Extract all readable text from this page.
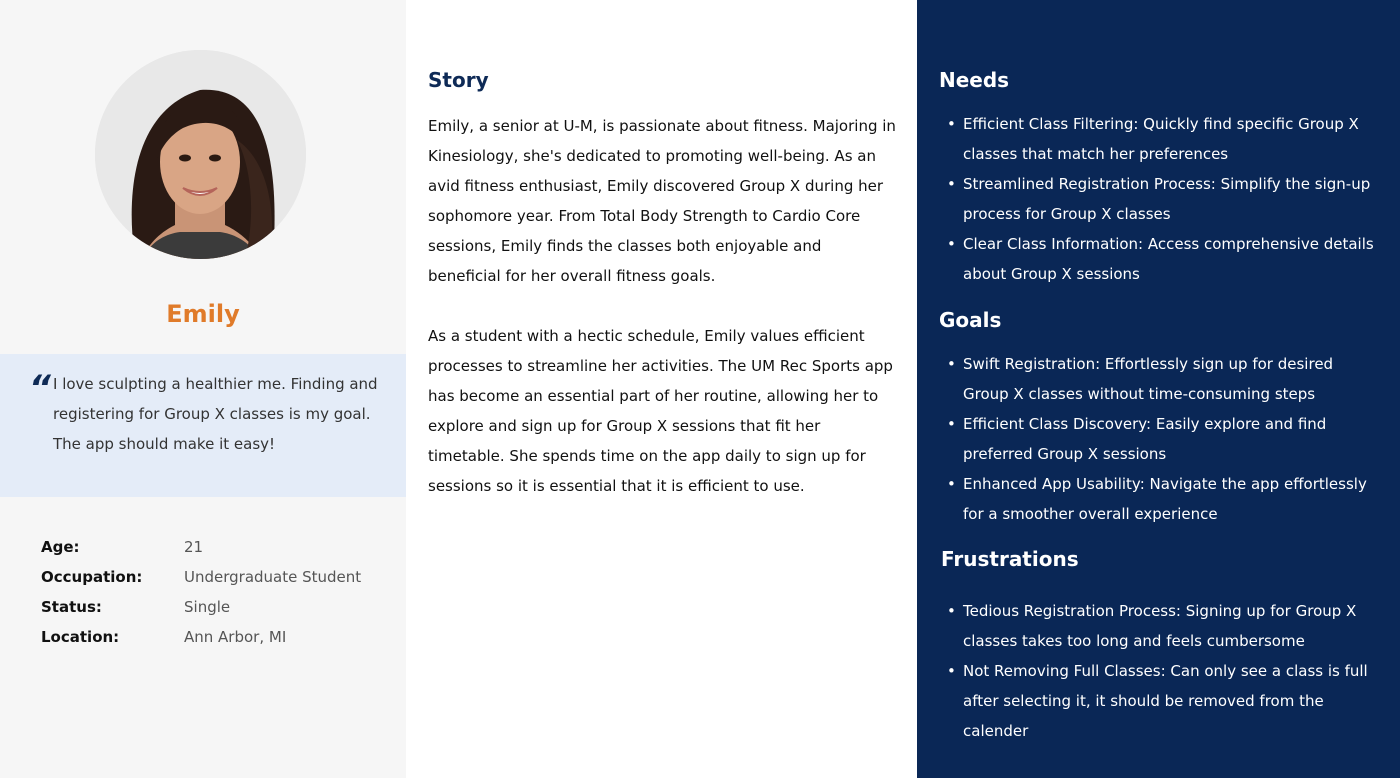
Emily
“ I love sculpting a healthier me. Finding and registering for Group X classes is my goal. The app should make it easy!
Age:	21
Occupation:	Undergraduate Student
Status:	Single
Location:	Ann Arbor, MI
Story
Emily, a senior at U-M, is passionate about fitness. Majoring in Kinesiology, she's dedicated to promoting well-being. As an avid fitness enthusiast, Emily discovered Group X during her sophomore year. From Total Body Strength to Cardio Core sessions, Emily finds the classes both enjoyable and beneficial for her overall fitness goals.
As a student with a hectic schedule, Emily values efficient processes to streamline her activities. The UM Rec Sports app has become an essential part of her routine, allowing her to explore and sign up for Group X sessions that fit her timetable. She spends time on the app daily to sign up for sessions so it is essential that it is efficient to use.
Needs
• Efficient Class Filtering: Quickly find specific Group X classes that match her preferences
• Streamlined Registration Process: Simplify the sign-up process for Group X classes
• Clear Class Information: Access comprehensive details about Group X sessions
Goals
• Swift Registration: Effortlessly sign up for desired Group X classes without time-consuming steps
• Efficient Class Discovery: Easily explore and find preferred Group X sessions
• Enhanced App Usability: Navigate the app effortlessly for a smoother overall experience
Frustrations
• Tedious Registration Process: Signing up for Group X classes takes too long and feels cumbersome
• Not Removing Full Classes: Can only see a class is full after selecting it, it should be removed from the calender
